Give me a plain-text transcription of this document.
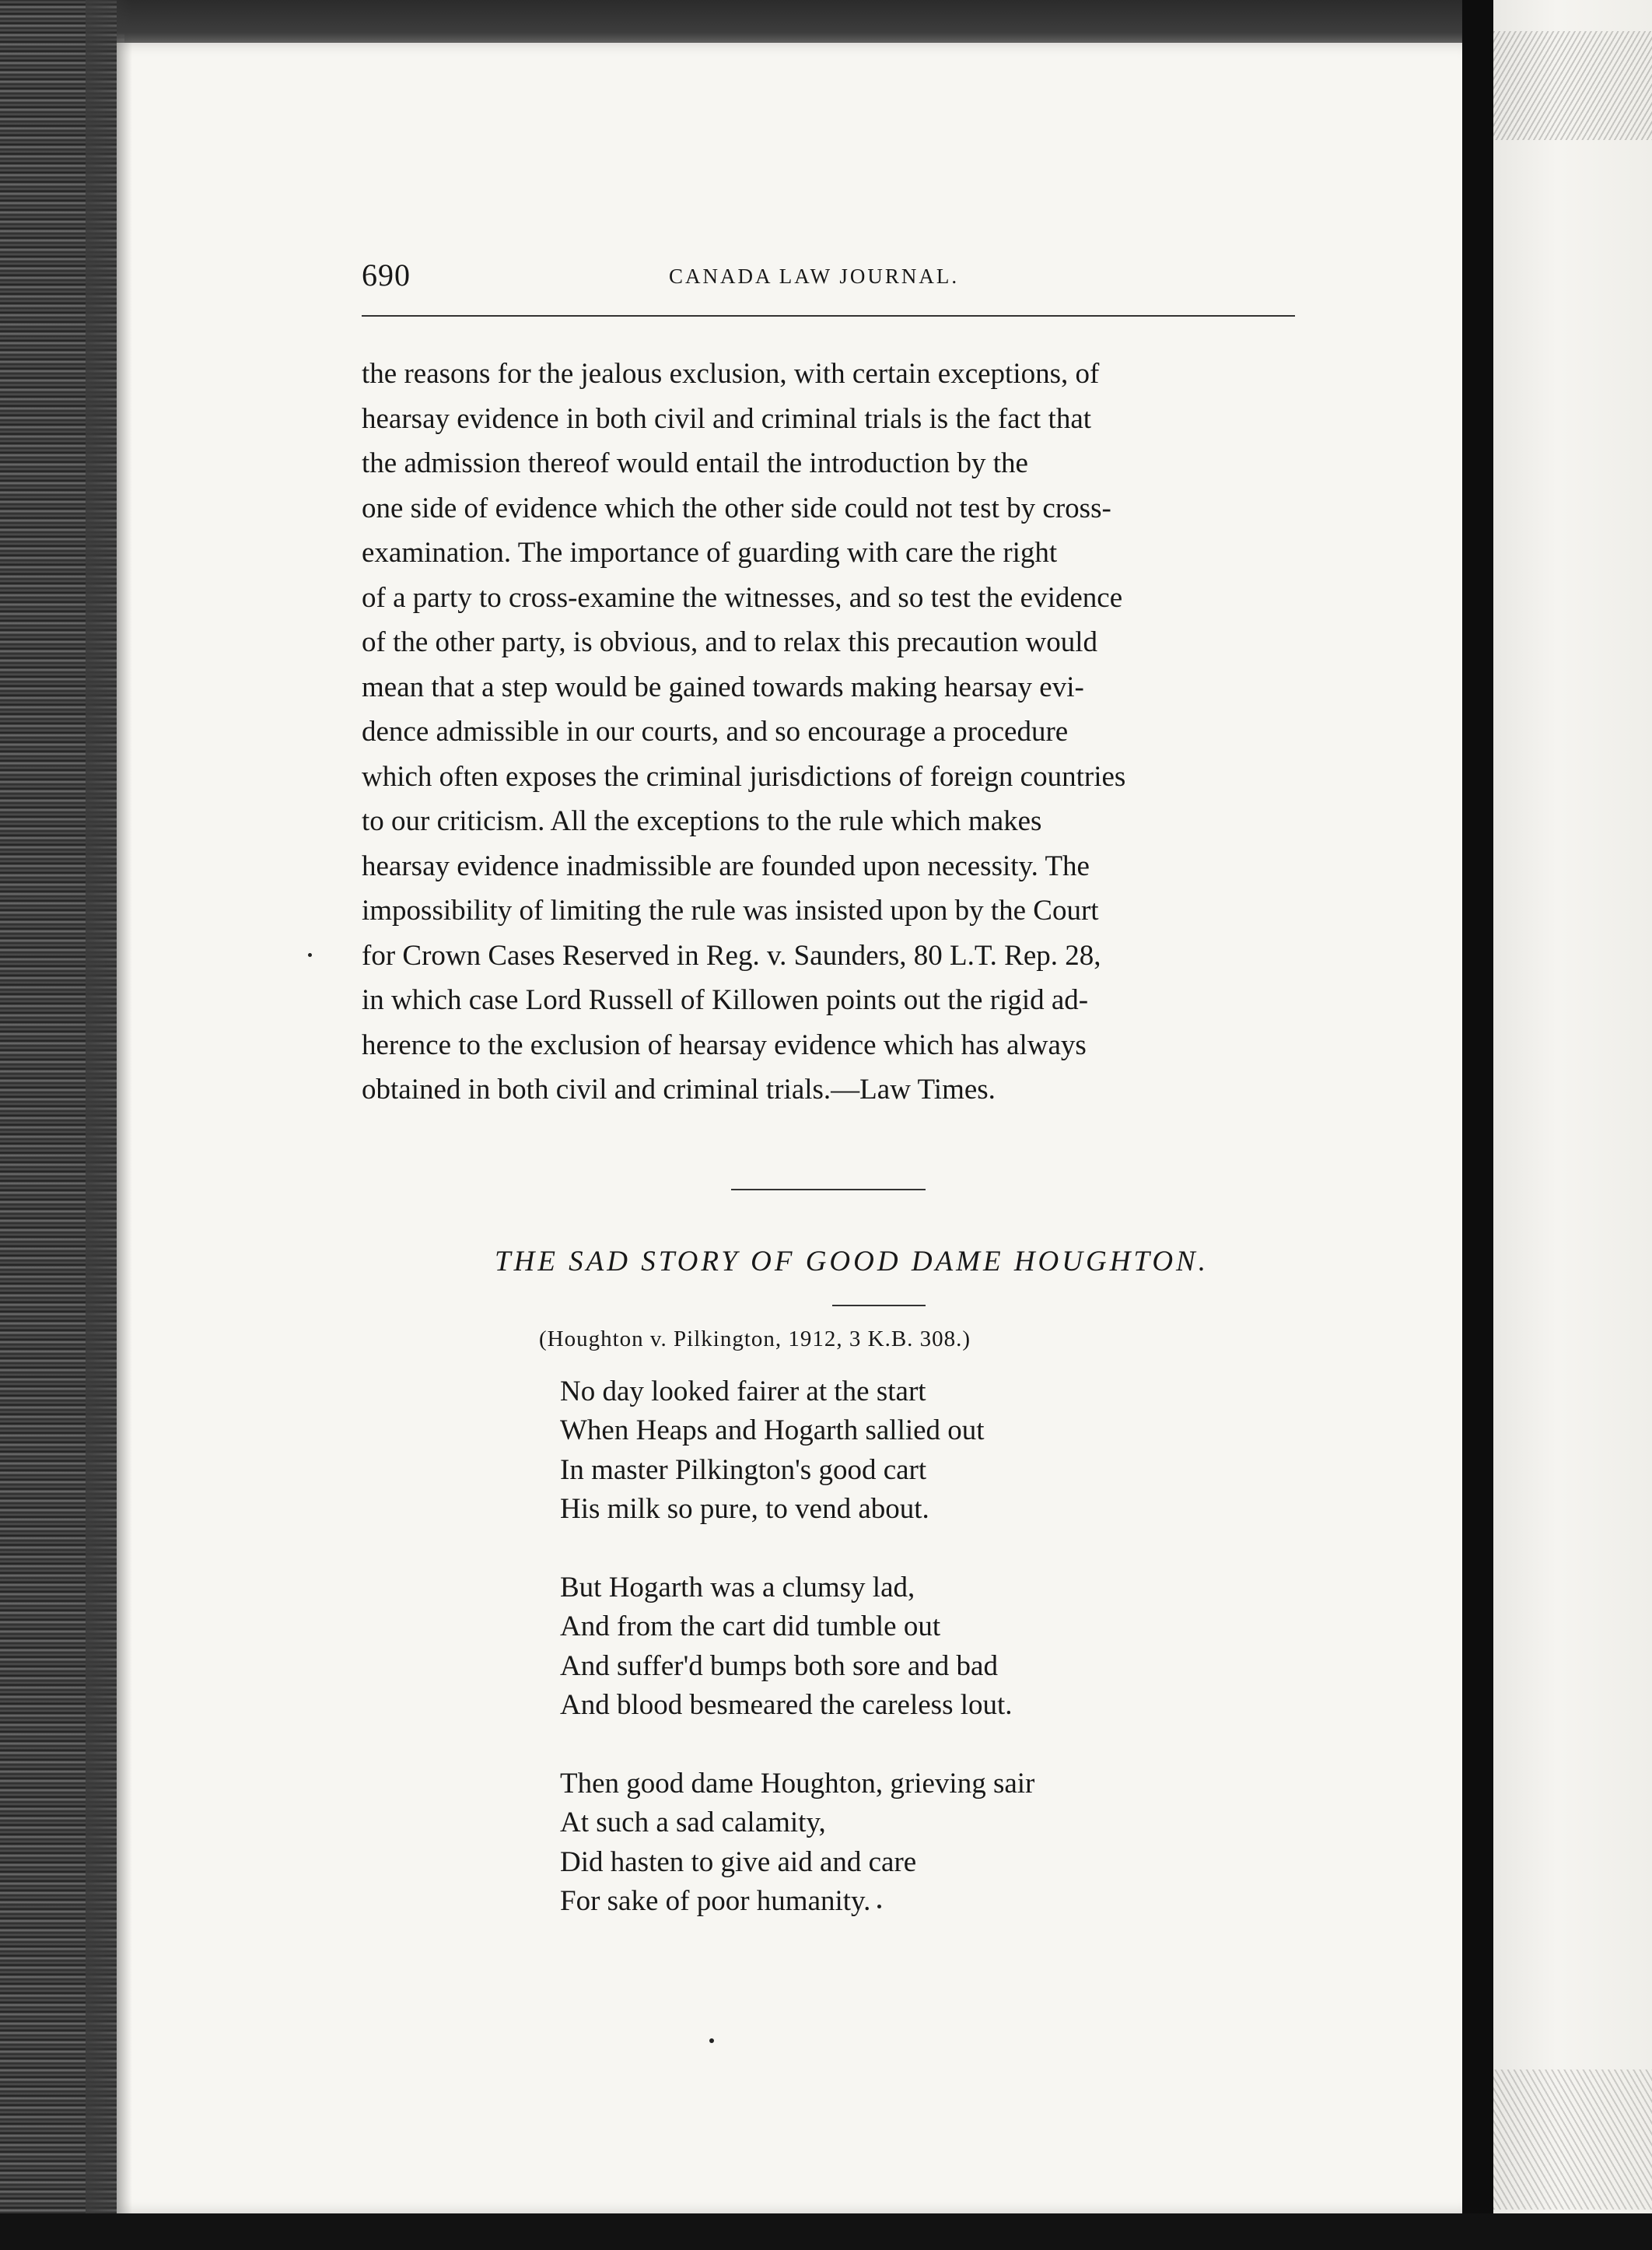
690	CANADA LAW JOURNAL.
the reasons for the jealous exclusion, with certain exceptions, of
hearsay evidence in both civil and criminal trials is the fact that
the admission thereof would entail the introduction by the
one side of evidence which the other side could not test by cross-
examination. The importance of guarding with care the right
of a party to cross-examine the witnesses, and so test the evidence
of the other party, is obvious, and to relax this precaution would
mean that a step would be gained towards making hearsay evi-
dence admissible in our courts, and so encourage a procedure
which often exposes the criminal jurisdictions of foreign countries
to our criticism. All the exceptions to the rule which makes
hearsay evidence inadmissible are founded upon necessity. The
impossibility of limiting the rule was insisted upon by the Court
for Crown Cases Reserved in Reg. v. Saunders, 80 L.T. Rep. 28,
in which case Lord Russell of Killowen points out the rigid ad-
herence to the exclusion of hearsay evidence which has always
obtained in both civil and criminal trials.—Law Times.
THE SAD STORY OF GOOD DAME HOUGHTON.
(Houghton v. Pilkington, 1912, 3 K.B. 308.)
No day looked fairer at the start
When Heaps and Hogarth sallied out
In master Pilkington's good cart
His milk so pure, to vend about.
But Hogarth was a clumsy lad,
And from the cart did tumble out
And suffer'd bumps both sore and bad
And blood besmeared the careless lout.
Then good dame Houghton, grieving sair
At such a sad calamity,
Did hasten to give aid and care
For sake of poor humanity.
